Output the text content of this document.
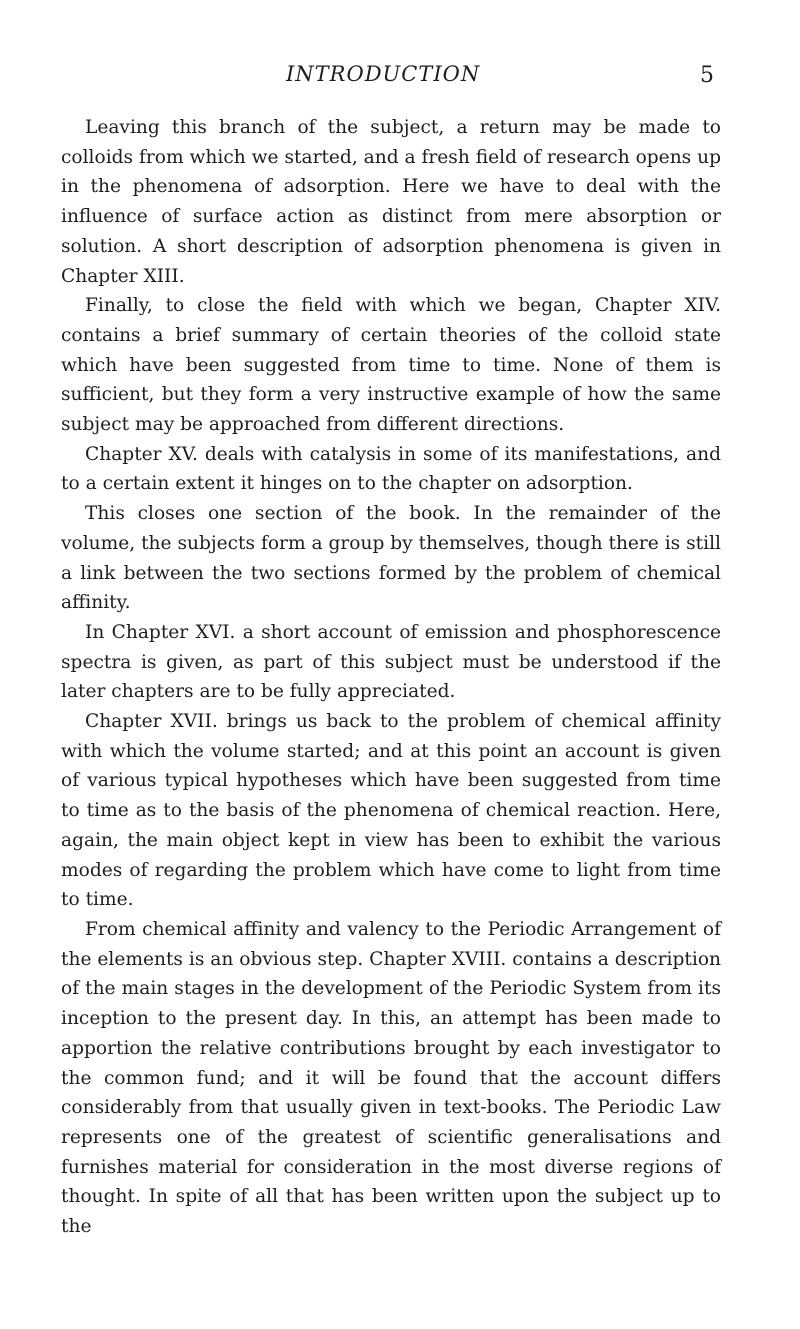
INTRODUCTION	5

Leaving this branch of the subject, a return may be made to colloids from which we started, and a fresh field of research opens up in the phenomena of adsorption. Here we have to deal with the influence of surface action as distinct from mere absorption or solution. A short description of adsorption phenomena is given in Chapter XIII.

Finally, to close the field with which we began, Chapter XIV. contains a brief summary of certain theories of the colloid state which have been suggested from time to time. None of them is sufficient, but they form a very instructive example of how the same subject may be approached from different directions.

Chapter XV. deals with catalysis in some of its manifestations, and to a certain extent it hinges on to the chapter on adsorption.

This closes one section of the book. In the remainder of the volume, the subjects form a group by themselves, though there is still a link between the two sections formed by the problem of chemical affinity.

In Chapter XVI. a short account of emission and phosphorescence spectra is given, as part of this subject must be understood if the later chapters are to be fully appreciated.

Chapter XVII. brings us back to the problem of chemical affinity with which the volume started; and at this point an account is given of various typical hypotheses which have been suggested from time to time as to the basis of the phenomena of chemical reaction. Here, again, the main object kept in view has been to exhibit the various modes of regarding the problem which have come to light from time to time.

From chemical affinity and valency to the Periodic Arrangement of the elements is an obvious step. Chapter XVIII. contains a description of the main stages in the development of the Periodic System from its inception to the present day. In this, an attempt has been made to apportion the relative contributions brought by each investigator to the common fund; and it will be found that the account differs considerably from that usually given in text-books. The Periodic Law represents one of the greatest of scientific generalisations and furnishes material for consideration in the most diverse regions of thought. In spite of all that has been written upon the subject up to the
